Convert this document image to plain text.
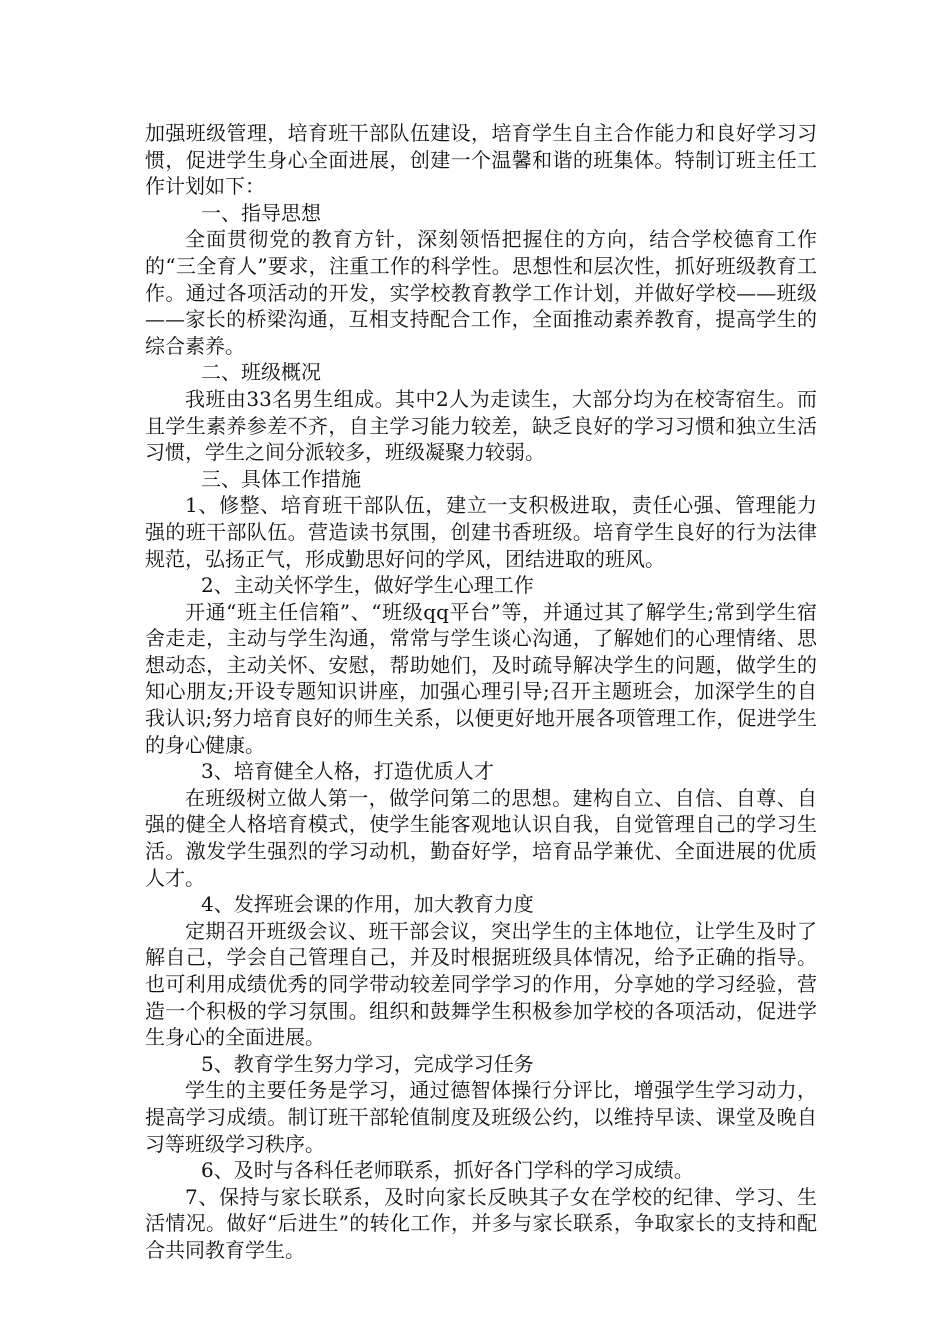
加强班级管理，培育班干部队伍建设，培育学生自主合作能力和良好学习习惯，促进学生身心全面进展，创建一个温馨和谐的班集体。特制订班主任工作计划如下：

一、指导思想

全面贯彻党的教育方针，深刻领悟把握住的方向，结合学校德育工作的“三全育人”要求，注重工作的科学性。思想性和层次性，抓好班级教育工作。通过各项活动的开发，实学校教育教学工作计划，并做好学校——班级——家长的桥梁沟通，互相支持配合工作，全面推动素养教育，提高学生的综合素养。

二、班级概况

我班由33名男生组成。其中2人为走读生，大部分均为在校寄宿生。而且学生素养参差不齐，自主学习能力较差，缺乏良好的学习习惯和独立生活习惯，学生之间分派较多，班级凝聚力较弱。

三、具体工作措施

1、修整、培育班干部队伍，建立一支积极进取，责任心强、管理能力强的班干部队伍。营造读书氛围，创建书香班级。培育学生良好的行为法律规范，弘扬正气，形成勤思好问的学风，团结进取的班风。

2、主动关怀学生，做好学生心理工作

开通“班主任信箱”、“班级qq平台”等，并通过其了解学生;常到学生宿舍走走，主动与学生沟通，常常与学生谈心沟通，了解她们的心理情绪、思想动态，主动关怀、安慰，帮助她们，及时疏导解决学生的问题，做学生的知心朋友;开设专题知识讲座，加强心理引导;召开主题班会，加深学生的自我认识;努力培育良好的师生关系，以便更好地开展各项管理工作，促进学生的身心健康。

3、培育健全人格，打造优质人才

在班级树立做人第一，做学问第二的思想。建构自立、自信、自尊、自强的健全人格培育模式，使学生能客观地认识自我，自觉管理自己的学习生活。激发学生强烈的学习动机，勤奋好学，培育品学兼优、全面进展的优质人才。

4、发挥班会课的作用，加大教育力度

定期召开班级会议、班干部会议，突出学生的主体地位，让学生及时了解自己，学会自己管理自己，并及时根据班级具体情况，给予正确的指导。也可利用成绩优秀的同学带动较差同学学习的作用，分享她的学习经验，营造一个积极的学习氛围。组织和鼓舞学生积极参加学校的各项活动，促进学生身心的全面进展。

5、教育学生努力学习，完成学习任务

学生的主要任务是学习，通过德智体操行分评比，增强学生学习动力，提高学习成绩。制订班干部轮值制度及班级公约，以维持早读、课堂及晚自习等班级学习秩序。

6、及时与各科任老师联系，抓好各门学科的学习成绩。

7、保持与家长联系，及时向家长反映其子女在学校的纪律、学习、生活情况。做好“后进生”的转化工作，并多与家长联系，争取家长的支持和配合共同教育学生。
